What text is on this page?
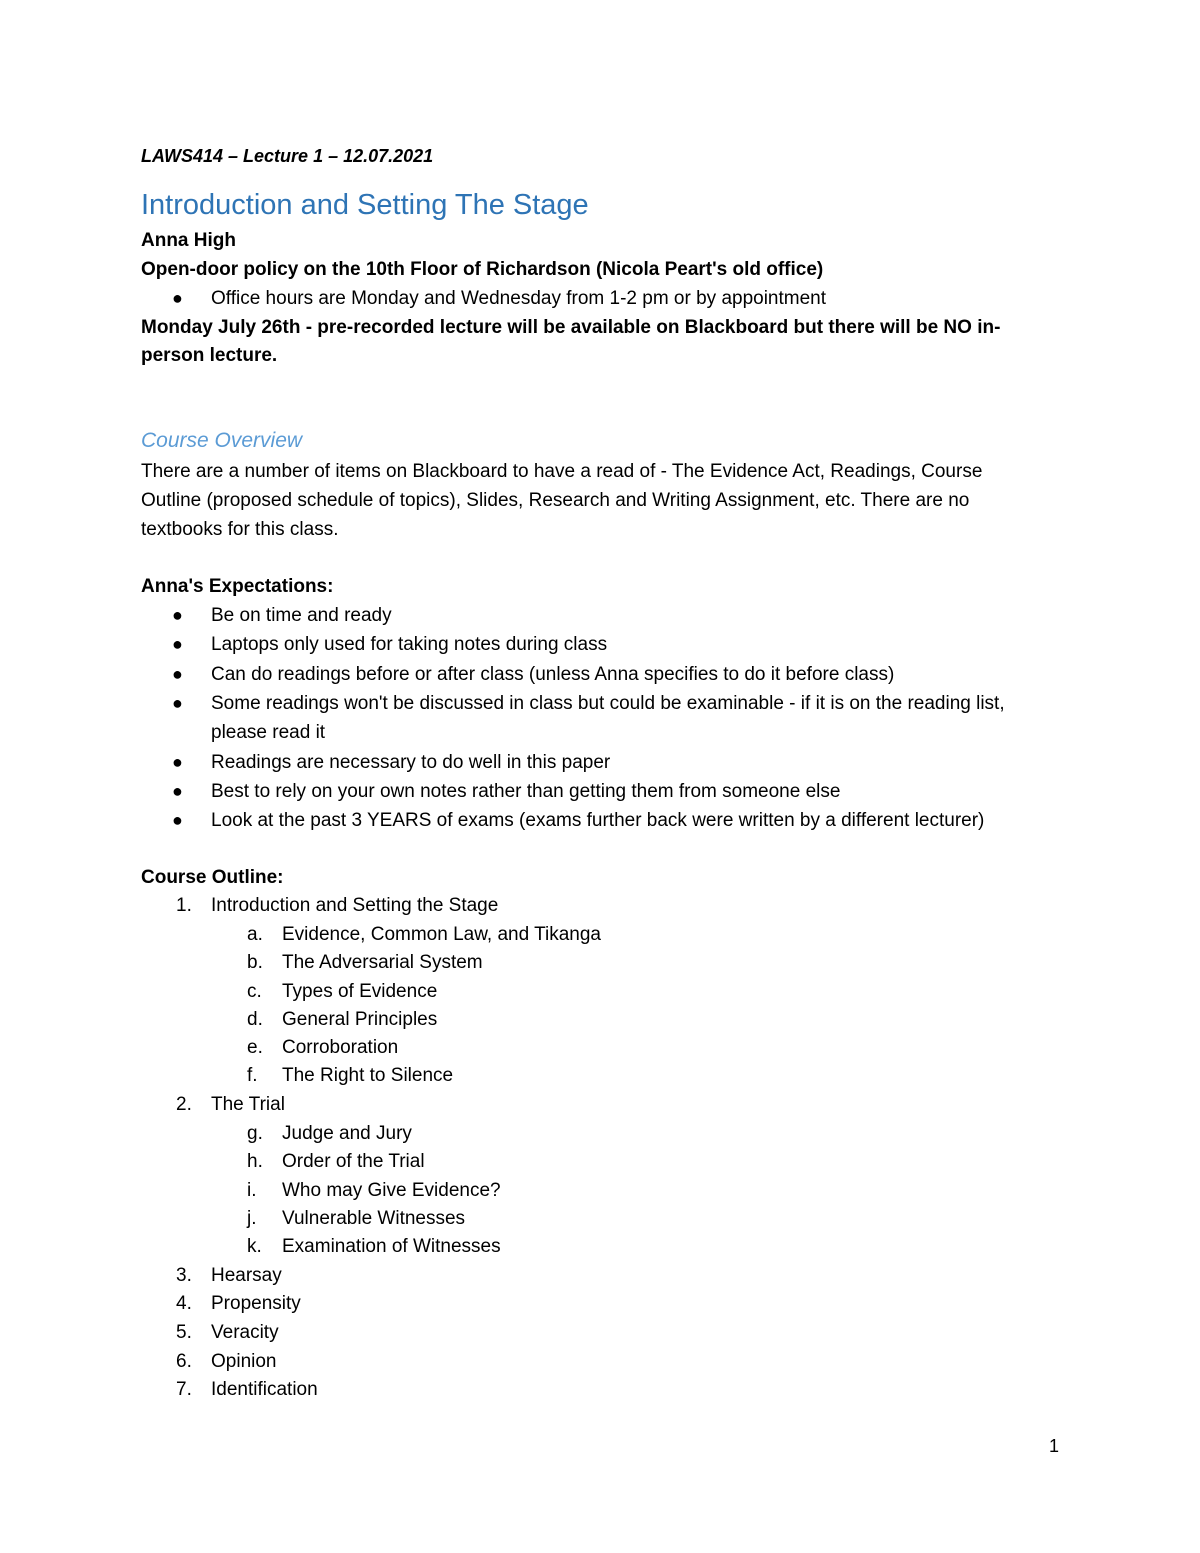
LAWS414 – Lecture 1 – 12.07.2021
Introduction and Setting The Stage
Anna High
Open-door policy on the 10th Floor of Richardson (Nicola Peart's old office)
● Office hours are Monday and Wednesday from 1-2 pm or by appointment
Monday July 26th - pre-recorded lecture will be available on Blackboard but there will be NO in-
person lecture.
Course Overview
There are a number of items on Blackboard to have a read of - The Evidence Act, Readings, Course
Outline (proposed schedule of topics), Slides, Research and Writing Assignment, etc. There are no
textbooks for this class.
Anna's Expectations:
● Be on time and ready
● Laptops only used for taking notes during class
● Can do readings before or after class (unless Anna specifies to do it before class)
● Some readings won't be discussed in class but could be examinable - if it is on the reading list,
please read it
● Readings are necessary to do well in this paper
● Best to rely on your own notes rather than getting them from someone else
● Look at the past 3 YEARS of exams (exams further back were written by a different lecturer)
Course Outline:
1. Introduction and Setting the Stage
a. Evidence, Common Law, and Tikanga
b. The Adversarial System
c. Types of Evidence
d. General Principles
e. Corroboration
f. The Right to Silence
2. The Trial
g. Judge and Jury
h. Order of the Trial
i. Who may Give Evidence?
j. Vulnerable Witnesses
k. Examination of Witnesses
3. Hearsay
4. Propensity
5. Veracity
6. Opinion
7. Identification
1
